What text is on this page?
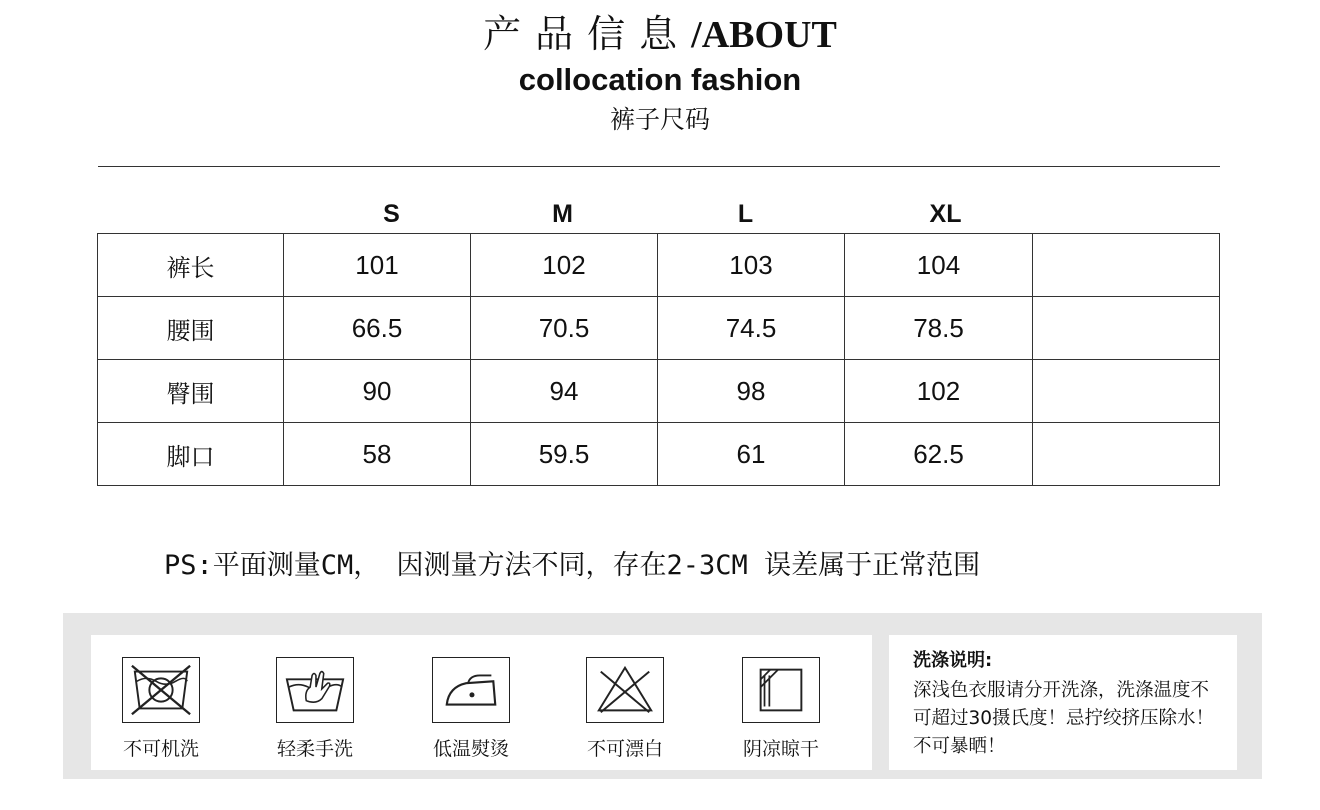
产品信息/ABOUT
collocation fashion
裤子尺码
S M L XL					

裤长	101	102	103	104	
腰围	66.5	70.5	74.5	78.5	
臀围	90	94	98	102	
脚口	58	59.5	61	62.5	
PS:平面测量CM， 因测量方法不同，存在2-3CM 误差属于正常范围
不可机洗	轻柔手洗	低温熨烫	不可漂白	阴凉晾干
洗涤说明:
深浅色衣服请分开洗涤，洗涤温度不可超过30摄氏度！忌拧绞挤压除水！不可暴晒！
